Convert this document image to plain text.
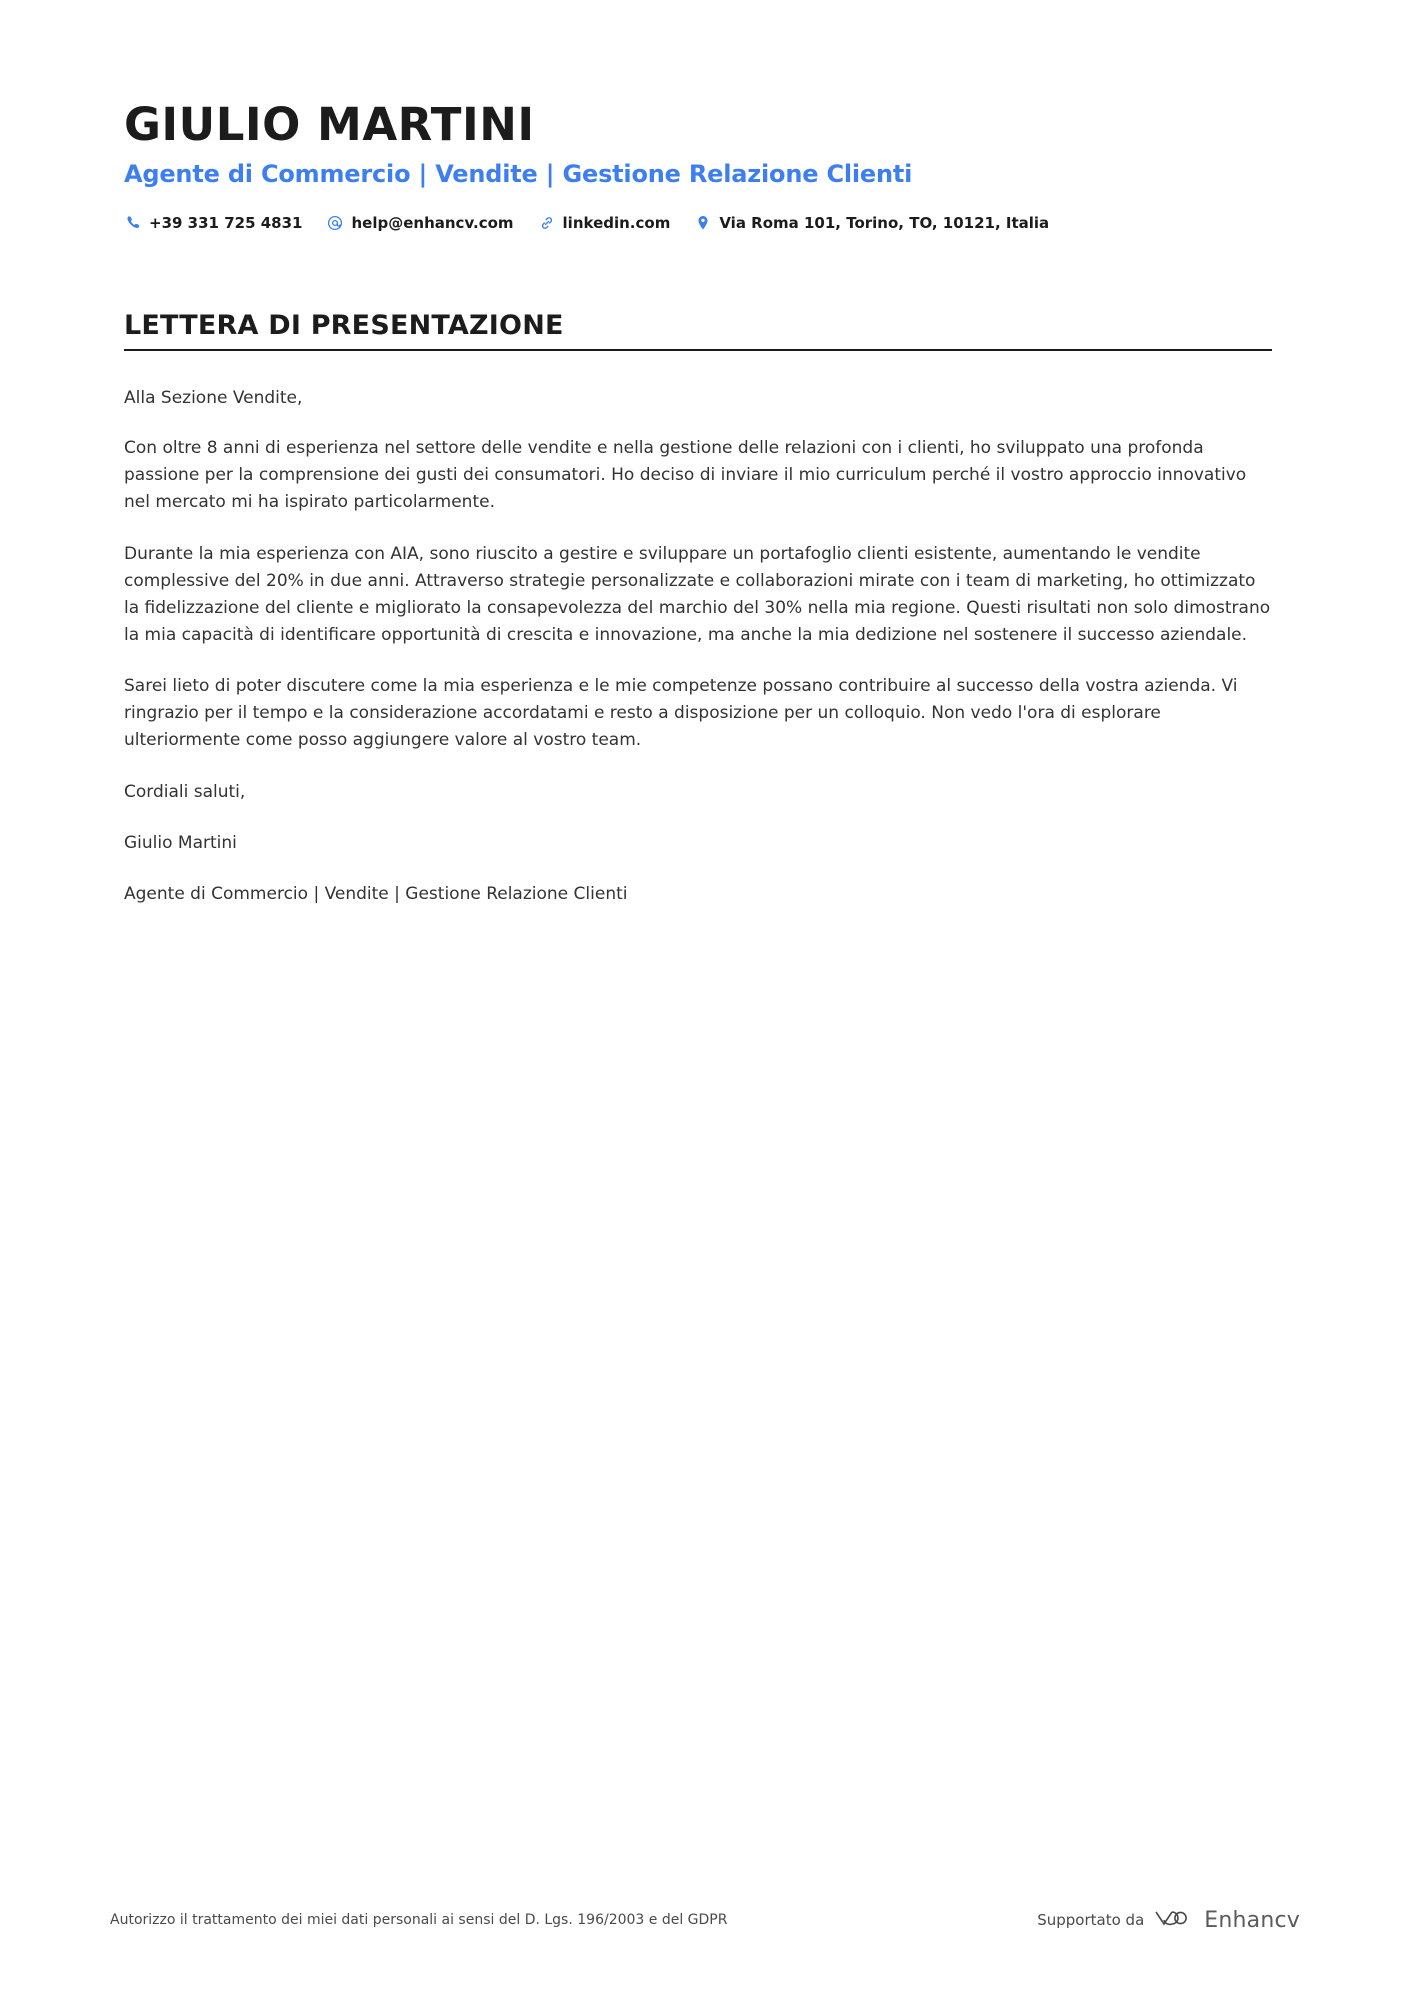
GIULIO MARTINI
Agente di Commercio | Vendite | Gestione Relazione Clienti
+39 331 725 4831	help@enhancv.com	linkedin.com	Via Roma 101, Torino, TO, 10121, Italia
LETTERA DI PRESENTAZIONE

Alla Sezione Vendite,

Con oltre 8 anni di esperienza nel settore delle vendite e nella gestione delle relazioni con i clienti, ho sviluppato una profonda passione per la comprensione dei gusti dei consumatori. Ho deciso di inviare il mio curriculum perché il vostro approccio innovativo nel mercato mi ha ispirato particolarmente.

Durante la mia esperienza con AIA, sono riuscito a gestire e sviluppare un portafoglio clienti esistente, aumentando le vendite complessive del 20% in due anni. Attraverso strategie personalizzate e collaborazioni mirate con i team di marketing, ho ottimizzato la fidelizzazione del cliente e migliorato la consapevolezza del marchio del 30% nella mia regione. Questi risultati non solo dimostrano la mia capacità di identificare opportunità di crescita e innovazione, ma anche la mia dedizione nel sostenere il successo aziendale.

Sarei lieto di poter discutere come la mia esperienza e le mie competenze possano contribuire al successo della vostra azienda. Vi ringrazio per il tempo e la considerazione accordatami e resto a disposizione per un colloquio. Non vedo l'ora di esplorare ulteriormente come posso aggiungere valore al vostro team.

Cordiali saluti,

Giulio Martini

Agente di Commercio | Vendite | Gestione Relazione Clienti

Autorizzo il trattamento dei miei dati personali ai sensi del D. Lgs. 196/2003 e del GDPR	Supportato da	Enhancv
